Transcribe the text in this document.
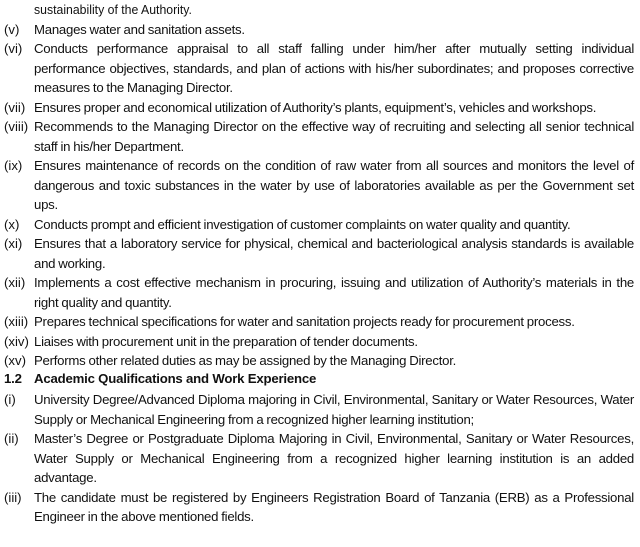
sustainability of the Authority.
(v)	Manages water and sanitation assets.
(vi) Conducts performance appraisal to all staff falling under him/her after mutually setting individual performance objectives, standards, and plan of actions with his/her subordinates; and proposes corrective measures to the Managing Director.
(vii) Ensures proper and economical utilization of Authority’s plants, equipment’s, vehicles and workshops.
(viii) Recommends to the Managing Director on the effective way of recruiting and selecting all senior technical staff in his/her Department.
(ix) Ensures maintenance of records on the condition of raw water from all sources and monitors the level of dangerous and toxic substances in the water by use of laboratories available as per the Government set ups.
(x)	Conducts prompt and efficient investigation of customer complaints on water quality and quantity.
(xi) Ensures that a laboratory service for physical, chemical and bacteriological analysis standards is available and working.
(xii) Implements a cost effective mechanism in procuring, issuing and utilization of Authority’s materials in the right quality and quantity.
(xiii) Prepares technical specifications for water and sanitation projects ready for procurement process.
(xiv) Liaises with procurement unit in the preparation of tender documents.
(xv) Performs other related duties as may be assigned by the Managing Director.
1.2 Academic Qualifications and Work Experience
(i)	University Degree/Advanced Diploma majoring in Civil, Environmental, Sanitary or Water Resources, Water Supply or Mechanical Engineering from a recognized higher learning institution;
(ii)	Master’s Degree or Postgraduate Diploma Majoring in Civil, Environmental, Sanitary or Water Resources, Water Supply or Mechanical Engineering from a recognized higher learning institution is an added advantage.
(iii) The candidate must be registered by Engineers Registration Board of Tanzania (ERB) as a Professional Engineer in the above mentioned fields.
